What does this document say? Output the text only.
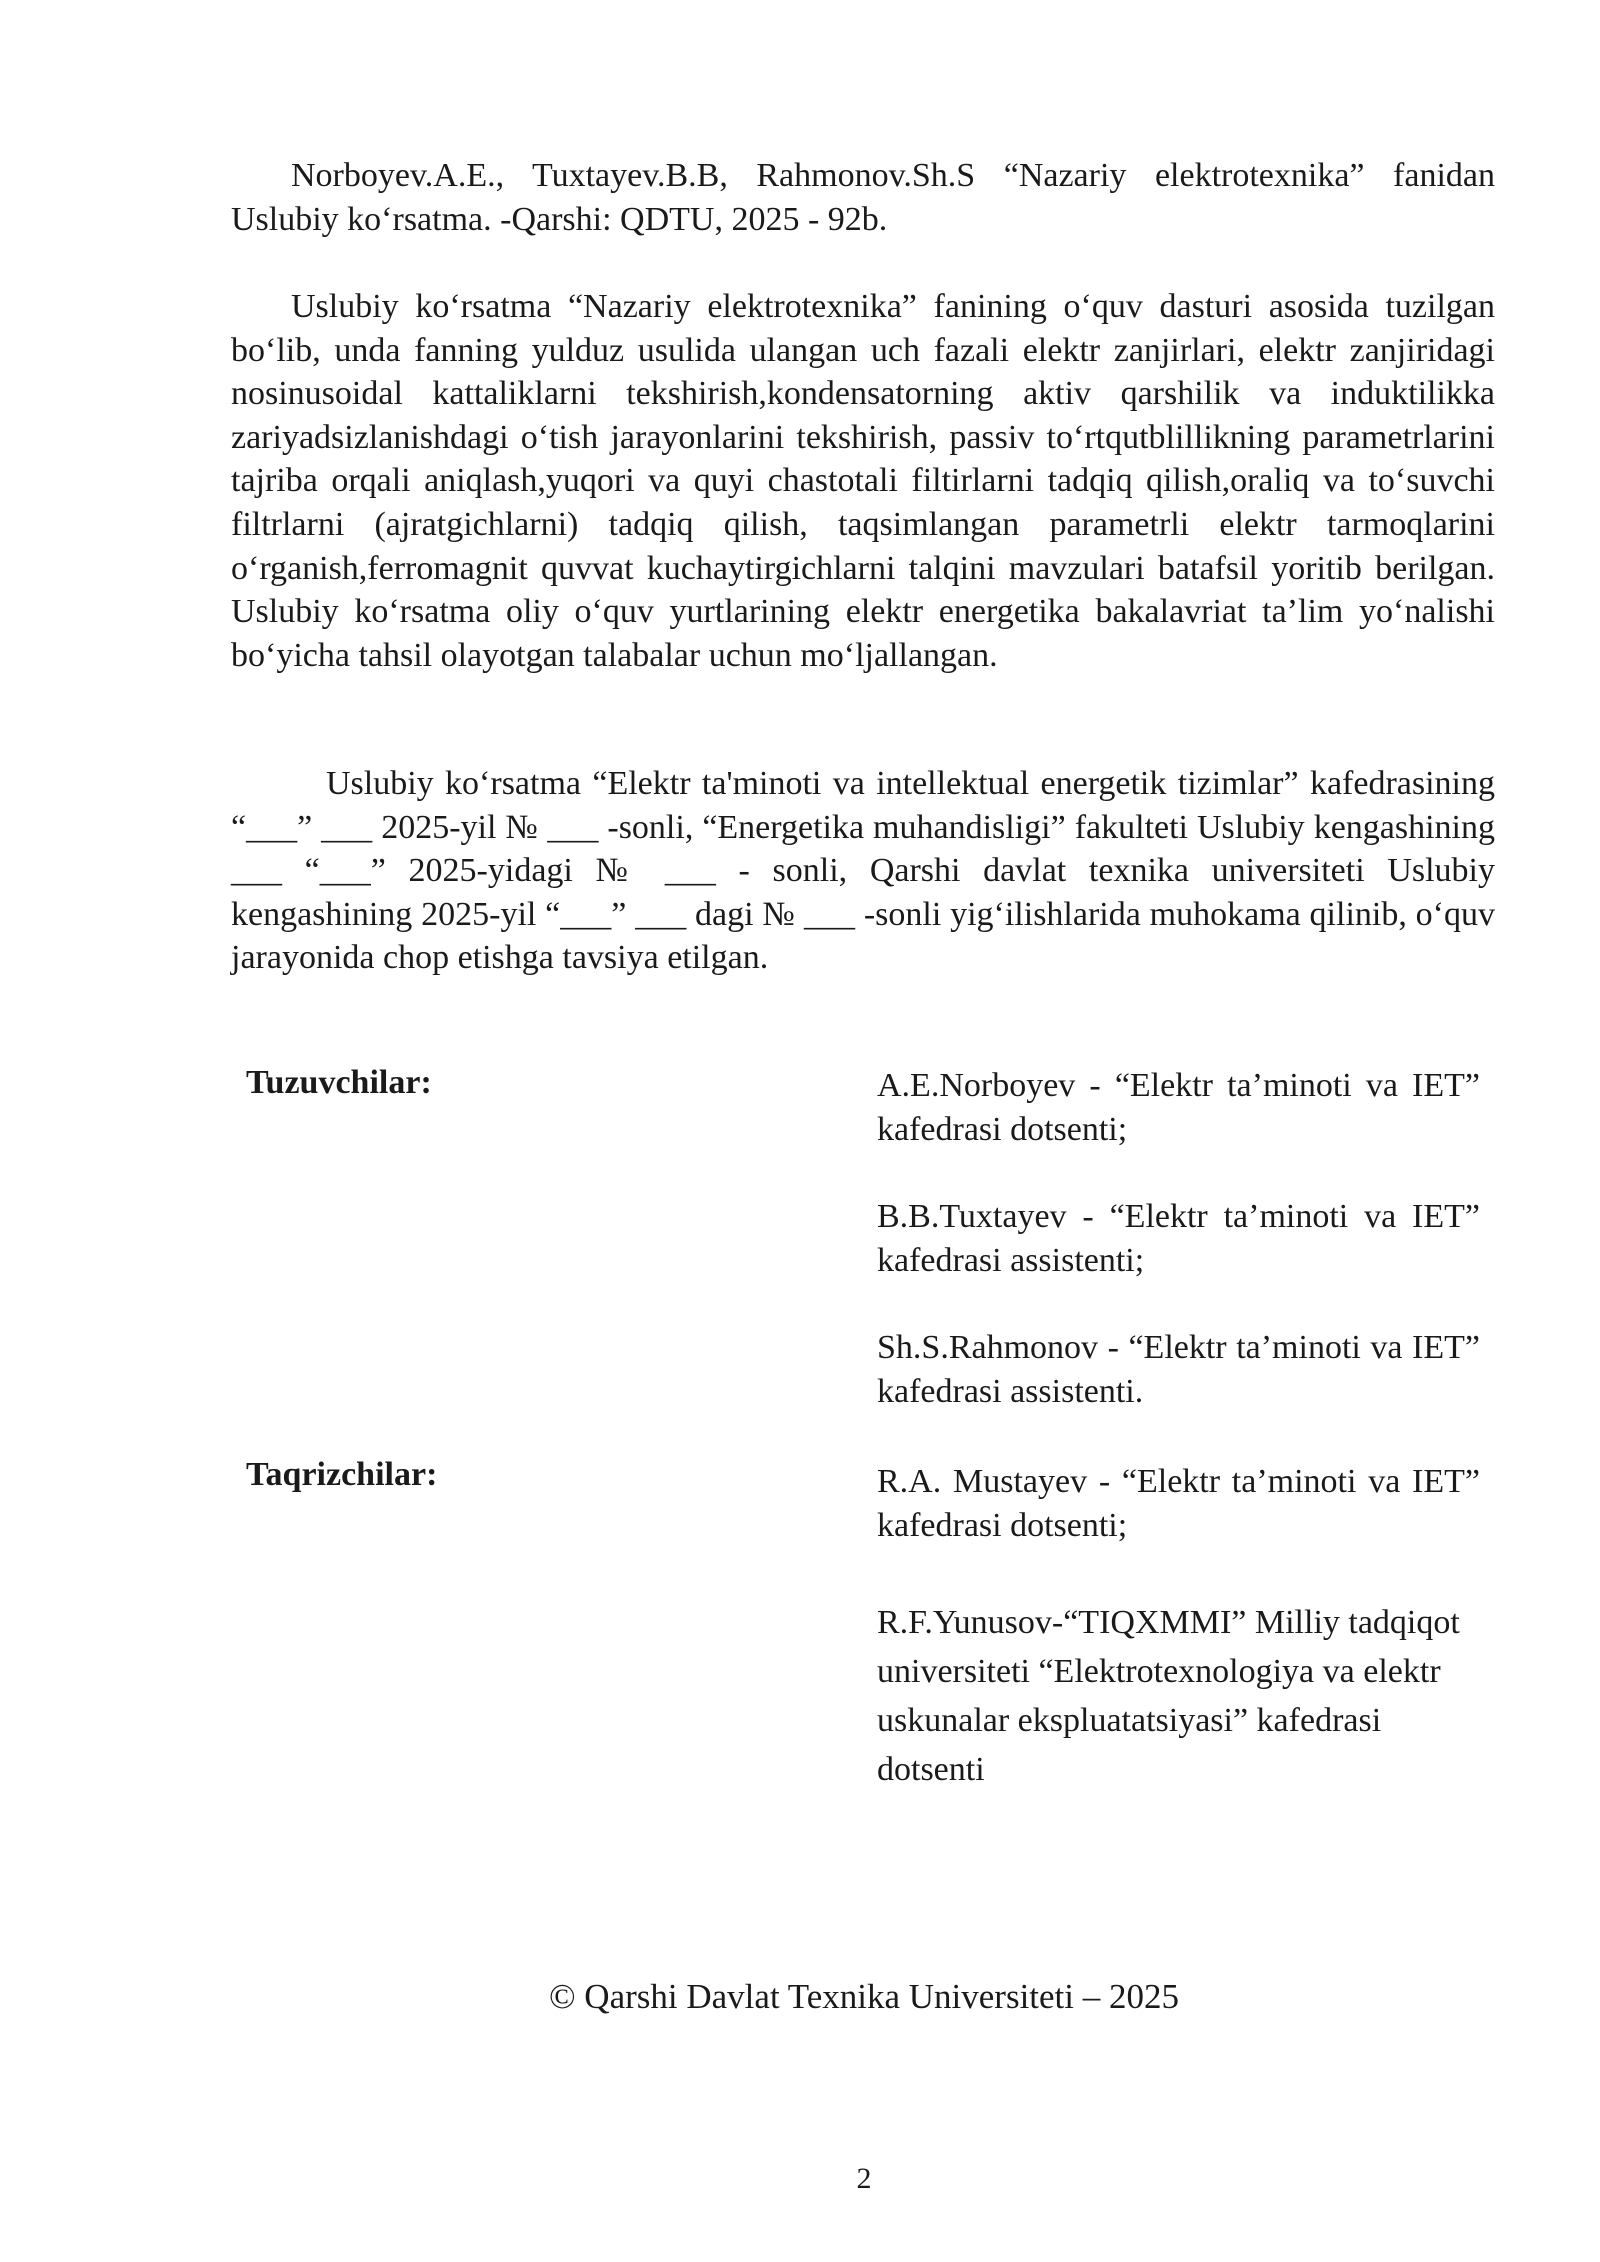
Norboyev.A.E., Tuxtayev.B.B, Rahmonov.Sh.S “Nazariy elektrotexnika” fanidan Uslubiy ko‘rsatma. -Qarshi: QDTU, 2025 - 92b.

Uslubiy ko‘rsatma “Nazariy elektrotexnika” fanining o‘quv dasturi asosida tuzilgan bo‘lib, unda fanning yulduz usulida ulangan uch fazali elektr zanjirlari, elektr zanjiridagi nosinusoidal kattaliklarni tekshirish,kondensatorning aktiv qarshilik va induktilikka zariyadsizlanishdagi o‘tish jarayonlarini tekshirish, passiv to‘rtqutblillikning parametrlarini tajriba orqali aniqlash,yuqori va quyi chastotali filtirlarni tadqiq qilish,oraliq va to‘suvchi filtrlarni (ajratgichlarni) tadqiq qilish, taqsimlangan parametrli elektr tarmoqlarini o‘rganish,ferromagnit quvvat kuchaytirgichlarni talqini mavzulari batafsil yoritib berilgan. Uslubiy ko‘rsatma oliy o‘quv yurtlarining elektr energetika bakalavriat ta’lim yo‘nalishi bo‘yicha tahsil olayotgan talabalar uchun mo‘ljallangan.

Uslubiy ko‘rsatma “Elektr ta'minoti va intellektual energetik tizimlar” kafedrasining “___” ___ 2025-yil № ___ -sonli, “Energetika muhandisligi” fakulteti Uslubiy kengashining ___ “___” 2025-yidagi № ___ - sonli, Qarshi davlat texnika universiteti Uslubiy kengashining 2025-yil “___” ___ dagi № ___ -sonli yig‘ilishlarida muhokama qilinib, o‘quv jarayonida chop etishga tavsiya etilgan.

Tuzuvchilar:	A.E.Norboyev - “Elektr ta’minoti va IET” kafedrasi dotsenti;

B.B.Tuxtayev - “Elektr ta’minoti va IET” kafedrasi assistenti;

Sh.S.Rahmonov - “Elektr ta’minoti va IET” kafedrasi assistenti.

Taqrizchilar:	R.A. Mustayev - “Elektr ta’minoti va IET” kafedrasi dotsenti;

R.F.Yunusov-“TIQXMMI” Milliy tadqiqot universiteti “Elektrotexnologiya va elektr uskunalar ekspluatatsiyasi” kafedrasi dotsenti

© Qarshi Davlat Texnika Universiteti – 2025
2
